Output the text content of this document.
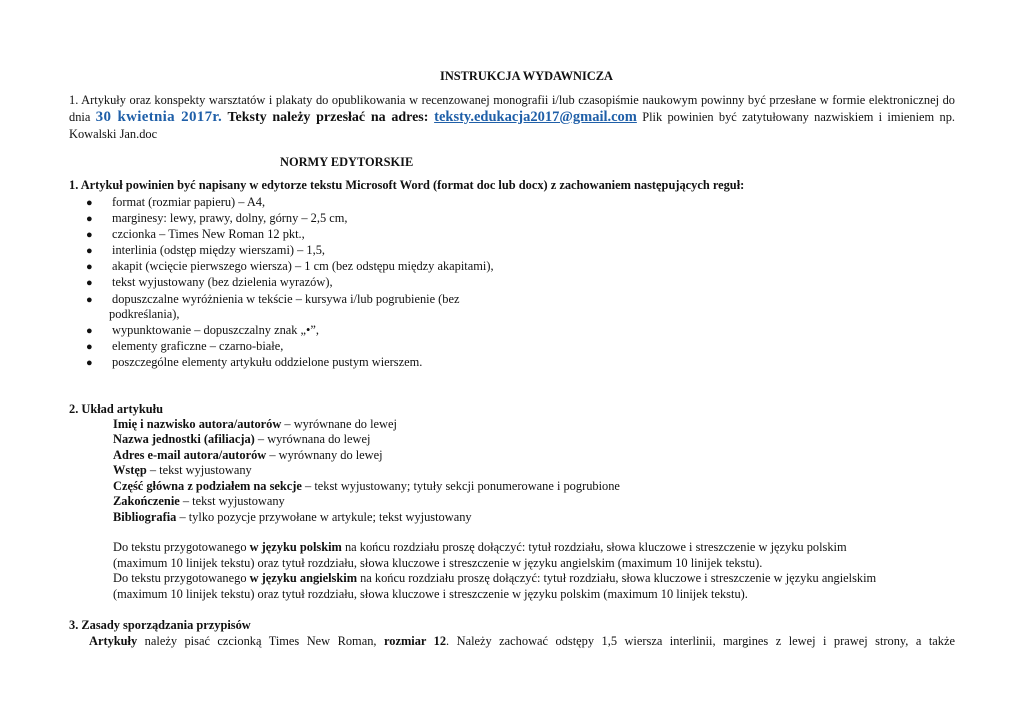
INSTRUKCJA WYDAWNICZA
1. Artykuły oraz konspekty warsztatów i plakaty do opublikowania w recenzowanej monografii i/lub czasopiśmie naukowym powinny być przesłane w formie elektronicznej do dnia 30 kwietnia 2017r. Teksty należy przesłać na adres: teksty.edukacja2017@gmail.com Plik powinien być zatytułowany nazwiskiem i imieniem np. Kowalski Jan.doc
NORMY EDYTORSKIE
1. Artykuł powinien być napisany w edytorze tekstu Microsoft Word (format doc lub docx) z zachowaniem następujących reguł:
● format (rozmiar papieru) – A4,
● marginesy: lewy, prawy, dolny, górny – 2,5 cm,
● czcionka – Times New Roman 12 pkt.,
● interlinia (odstęp między wierszami) – 1,5,
● akapit (wcięcie pierwszego wiersza) – 1 cm (bez odstępu między akapitami),
● tekst wyjustowany (bez dzielenia wyrazów),
● dopuszczalne wyróżnienia w tekście – kursywa i/lub pogrubienie (bez
podkreślania),
● wypunktowanie – dopuszczalny znak „•”,
● elementy graficzne – czarno-białe,
● poszczególne elementy artykułu oddzielone pustym wierszem.
2. Układ artykułu
Imię i nazwisko autora/autorów – wyrównane do lewej
Nazwa jednostki (afiliacja) – wyrównana do lewej
Adres e-mail autora/autorów – wyrównany do lewej
Wstęp – tekst wyjustowany
Część główna z podziałem na sekcje – tekst wyjustowany; tytuły sekcji ponumerowane i pogrubione
Zakończenie – tekst wyjustowany
Bibliografia – tylko pozycje przywołane w artykule; tekst wyjustowany
Do tekstu przygotowanego w języku polskim na końcu rozdziału proszę dołączyć: tytuł rozdziału, słowa kluczowe i streszczenie w języku polskim
(maximum 10 linijek tekstu) oraz tytuł rozdziału, słowa kluczowe i streszczenie w języku angielskim (maximum 10 linijek tekstu).
Do tekstu przygotowanego w języku angielskim na końcu rozdziału proszę dołączyć: tytuł rozdziału, słowa kluczowe i streszczenie w języku angielskim
(maximum 10 linijek tekstu) oraz tytuł rozdziału, słowa kluczowe i streszczenie w języku polskim (maximum 10 linijek tekstu).
3. Zasady sporządzania przypisów
Artykuły należy pisać czcionką Times New Roman, rozmiar 12. Należy zachować odstępy 1,5 wiersza interlinii, margines z lewej i prawej strony, a także
